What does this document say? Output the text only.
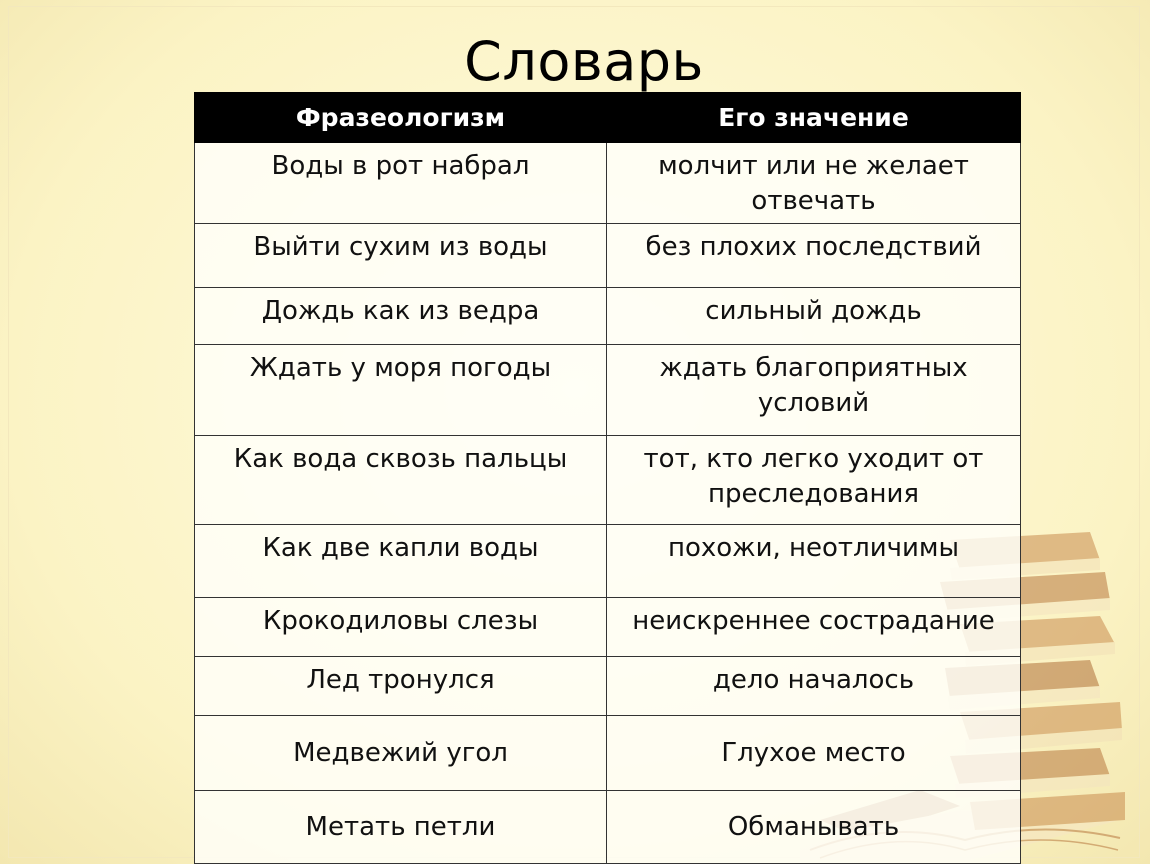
Словарь
Фразеологизм	Его значение
Воды в рот набрал	молчит или не желает отвечать
Выйти сухим из воды	без плохих последствий
Дождь как из ведра	сильный дождь
Ждать у моря погоды	ждать благоприятных условий
Как вода сквозь пальцы	тот, кто легко уходит от преследования
Как две капли воды	похожи, неотличимы
Крокодиловы слезы	неискреннее сострадание
Лед тронулся	дело началось
Медвежий угол	Глухое место
Метать петли	Обманывать
